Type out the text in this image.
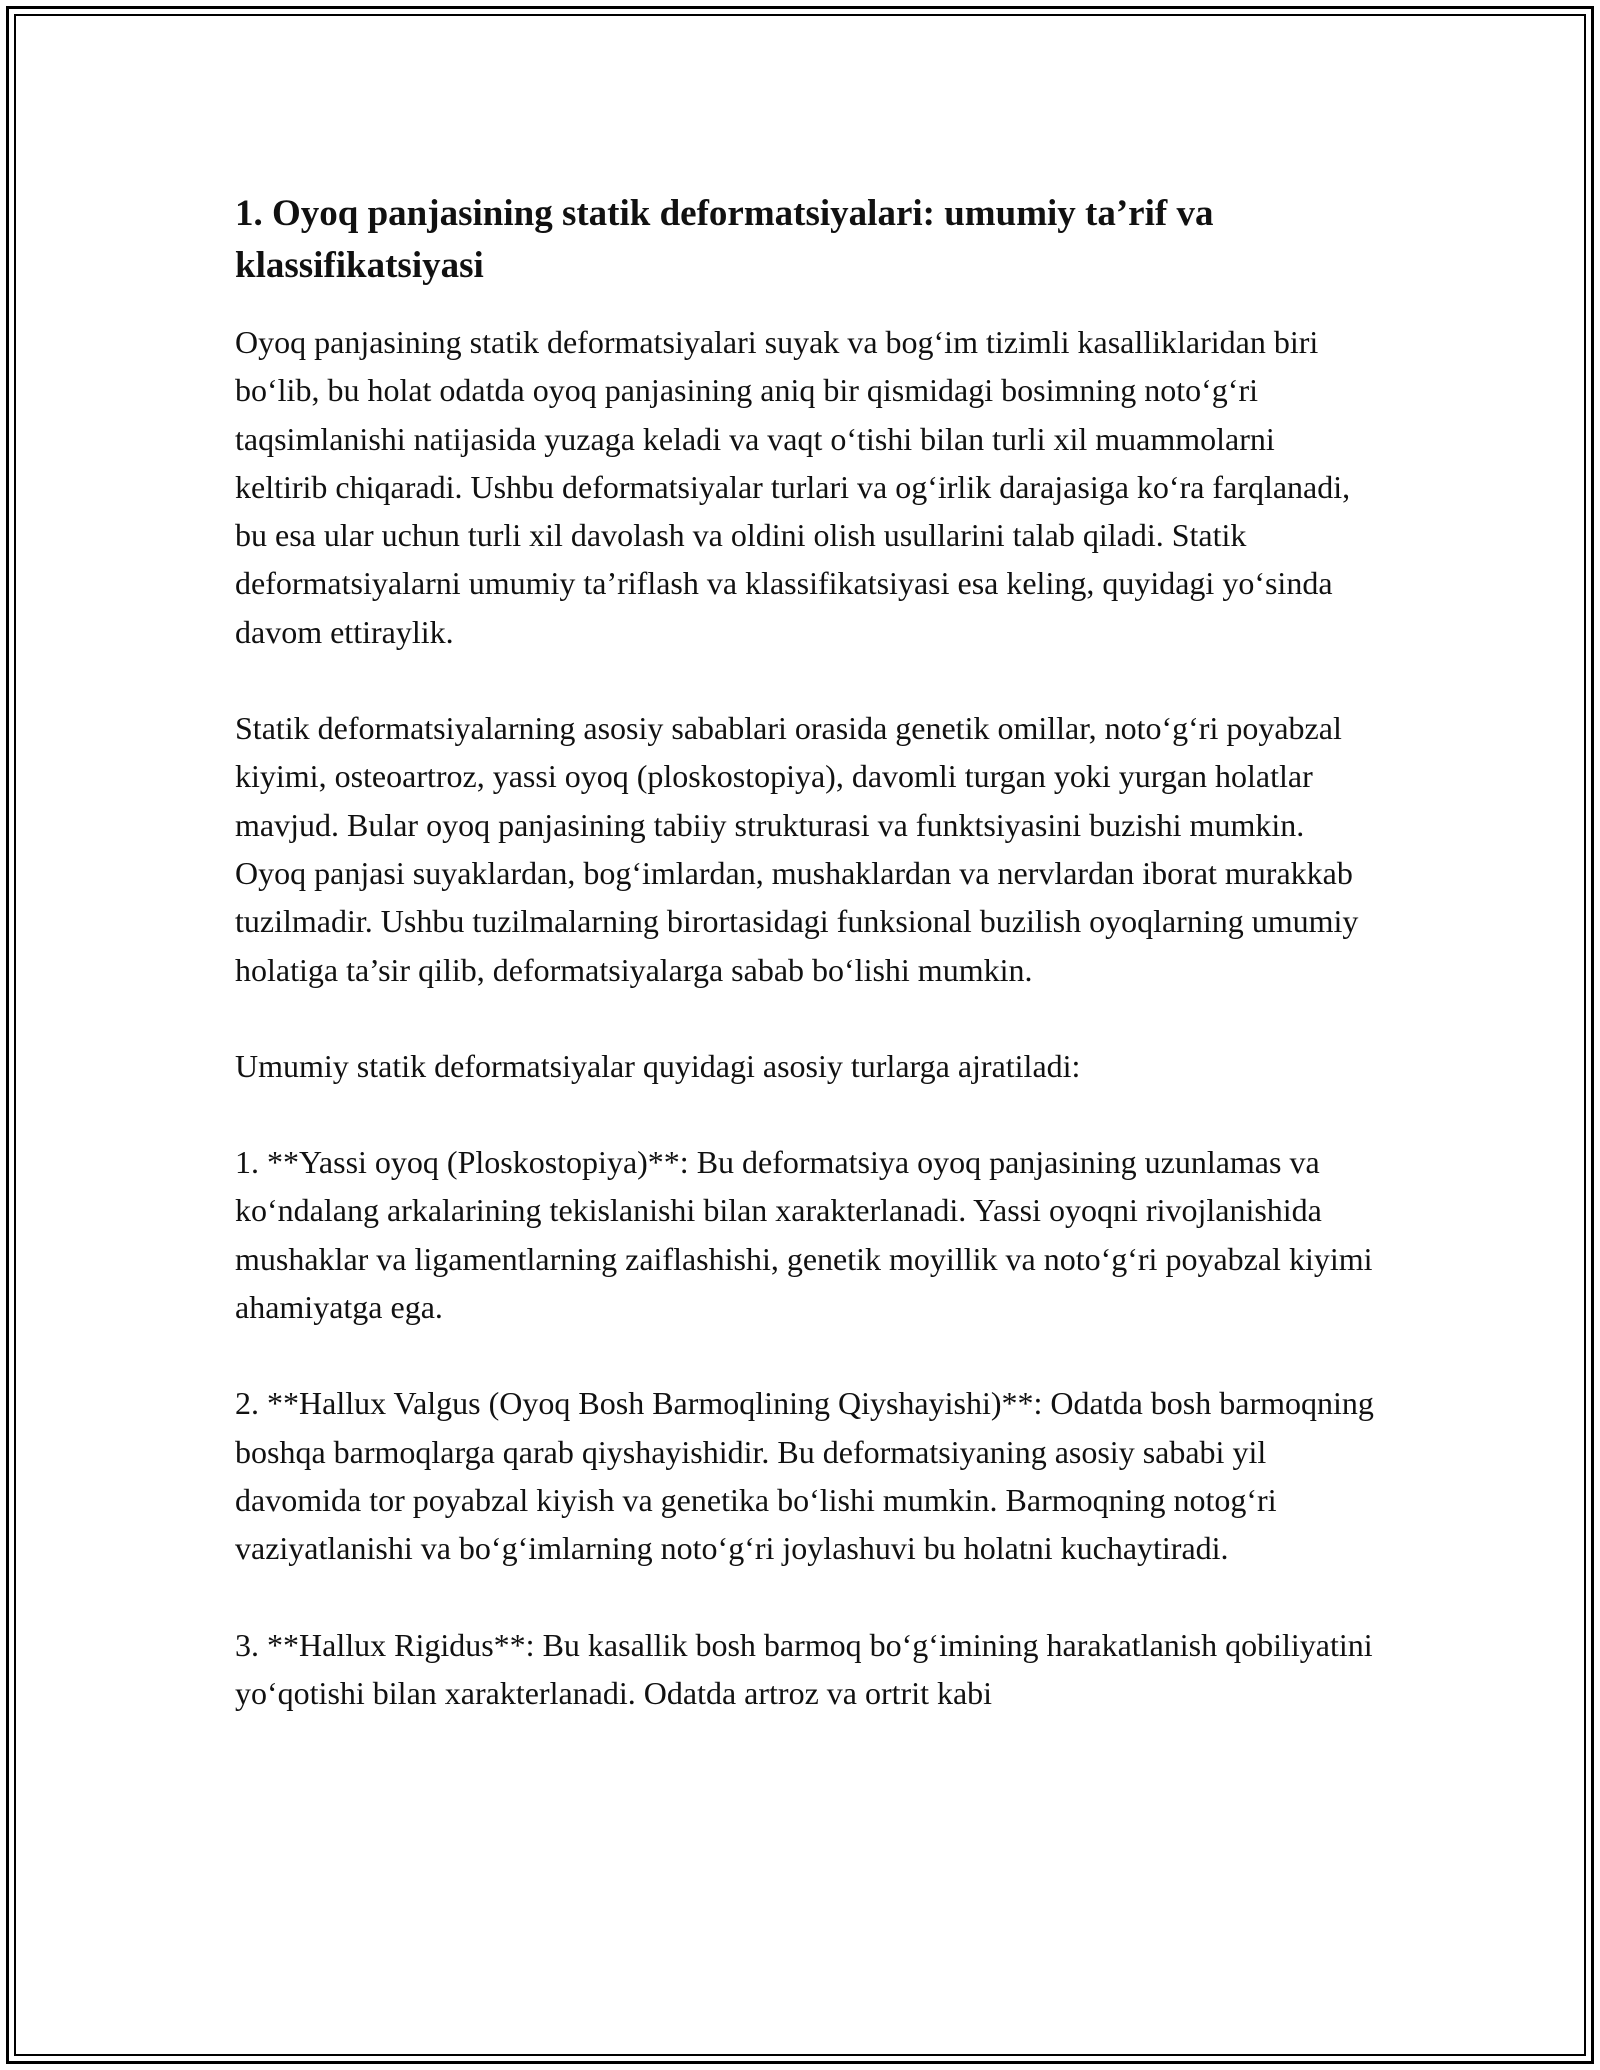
1. Oyoq panjasining statik deformatsiyalari: umumiy ta’rif va klassifikatsiyasi

Oyoq panjasining statik deformatsiyalari suyak va bog‘im tizimli kasalliklaridan biri bo‘lib, bu holat odatda oyoq panjasining aniq bir qismidagi bosimning noto‘g‘ri taqsimlanishi natijasida yuzaga keladi va vaqt o‘tishi bilan turli xil muammolarni keltirib chiqaradi. Ushbu deformatsiyalar turlari va og‘irlik darajasiga ko‘ra farqlanadi, bu esa ular uchun turli xil davolash va oldini olish usullarini talab qiladi. Statik deformatsiyalarni umumiy ta’riflash va klassifikatsiyasi esa keling, quyidagi yo‘sinda davom ettiraylik.

Statik deformatsiyalarning asosiy sabablari orasida genetik omillar, noto‘g‘ri poyabzal kiyimi, osteoartroz, yassi oyoq (ploskostopiya), davomli turgan yoki yurgan holatlar mavjud. Bular oyoq panjasining tabiiy strukturasi va funktsiyasini buzishi mumkin. Oyoq panjasi suyaklardan, bog‘imlardan, mushaklardan va nervlardan iborat murakkab tuzilmadir. Ushbu tuzilmalarning birortasidagi funksional buzilish oyoqlarning umumiy holatiga ta’sir qilib, deformatsiyalarga sabab bo‘lishi mumkin.

Umumiy statik deformatsiyalar quyidagi asosiy turlarga ajratiladi:

1. **Yassi oyoq (Ploskostopiya)**: Bu deformatsiya oyoq panjasining uzunlamas va ko‘ndalang arkalarining tekislanishi bilan xarakterlanadi. Yassi oyoqni rivojlanishida mushaklar va ligamentlarning zaiflashishi, genetik moyillik va noto‘g‘ri poyabzal kiyimi ahamiyatga ega.

2. **Hallux Valgus (Oyoq Bosh Barmoqlining Qiyshayishi)**: Odatda bosh barmoqning boshqa barmoqlarga qarab qiyshayishidir. Bu deformatsiyaning asosiy sababi yil davomida tor poyabzal kiyish va genetika bo‘lishi mumkin. Barmoqning notog‘ri vaziyatlanishi va bo‘g‘imlarning noto‘g‘ri joylashuvi bu holatni kuchaytiradi.

3. **Hallux Rigidus**: Bu kasallik bosh barmoq bo‘g‘imining harakatlanish qobiliyatini yo‘qotishi bilan xarakterlanadi. Odatda artroz va ortrit kabi
